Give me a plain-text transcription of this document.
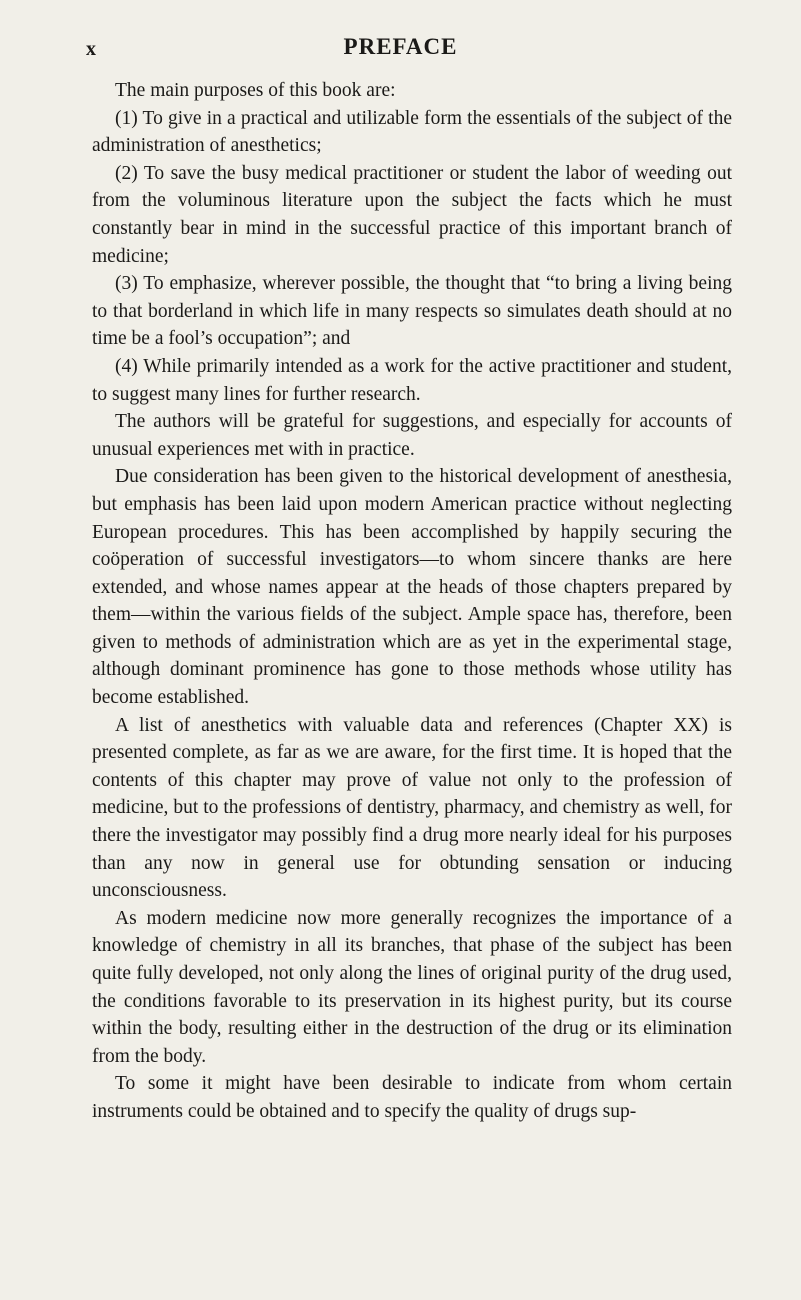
x	PREFACE

The main purposes of this book are:

(1) To give in a practical and utilizable form the essentials of the subject of the administration of anesthetics;

(2) To save the busy medical practitioner or student the labor of weeding out from the voluminous literature upon the subject the facts which he must constantly bear in mind in the successful practice of this important branch of medicine;

(3) To emphasize, wherever possible, the thought that “to bring a living being to that borderland in which life in many respects so simulates death should at no time be a fool’s occupation”; and

(4) While primarily intended as a work for the active practitioner and student, to suggest many lines for further research.

The authors will be grateful for suggestions, and especially for accounts of unusual experiences met with in practice.

Due consideration has been given to the historical development of anesthesia, but emphasis has been laid upon modern American practice without neglecting European procedures. This has been accomplished by happily securing the coöperation of successful investigators—to whom sincere thanks are here extended, and whose names appear at the heads of those chapters prepared by them—within the various fields of the subject. Ample space has, therefore, been given to methods of administration which are as yet in the experimental stage, although dominant prominence has gone to those methods whose utility has become established.

A list of anesthetics with valuable data and references (Chapter XX) is presented complete, as far as we are aware, for the first time. It is hoped that the contents of this chapter may prove of value not only to the profession of medicine, but to the professions of dentistry, pharmacy, and chemistry as well, for there the investigator may possibly find a drug more nearly ideal for his purposes than any now in general use for obtunding sensation or inducing unconsciousness.

As modern medicine now more generally recognizes the importance of a knowledge of chemistry in all its branches, that phase of the subject has been quite fully developed, not only along the lines of original purity of the drug used, the conditions favorable to its preservation in its highest purity, but its course within the body, resulting either in the destruction of the drug or its elimination from the body.

To some it might have been desirable to indicate from whom certain instruments could be obtained and to specify the quality of drugs sup-
